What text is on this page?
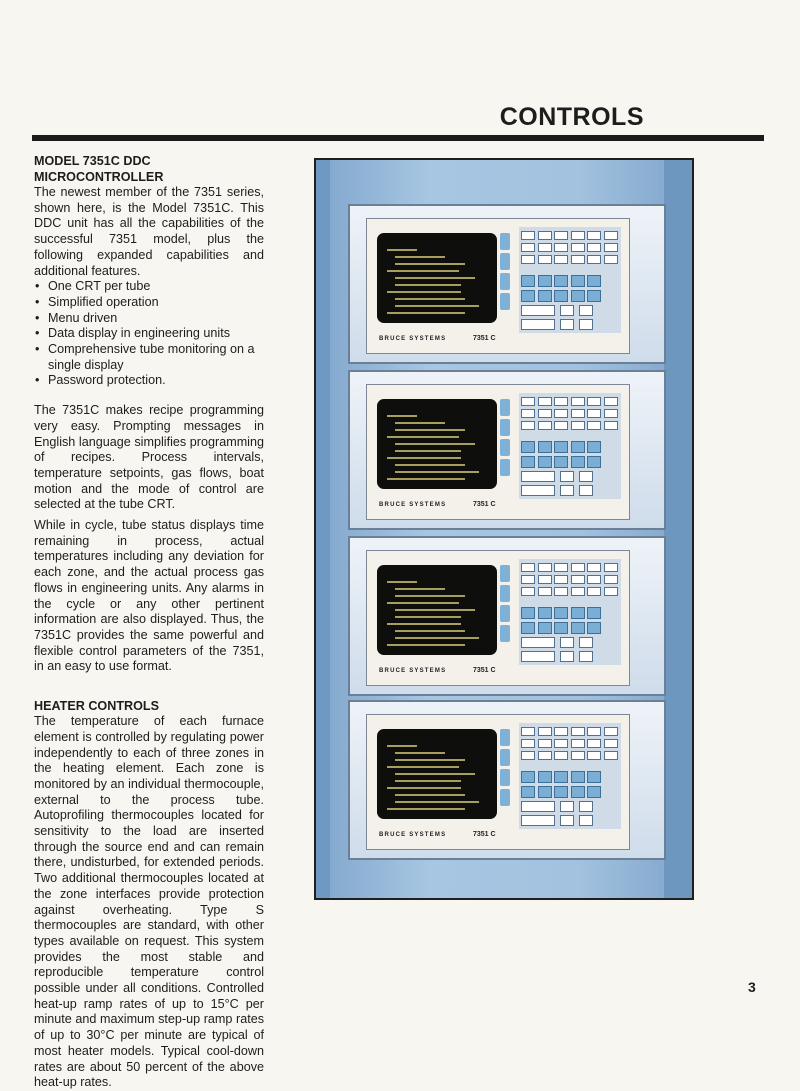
CONTROLS
MODEL 7351C DDC MICROCONTROLLER

The newest member of the 7351 series, shown here, is the Model 7351C. This DDC unit has all the capabilities of the successful 7351 model, plus the following expanded capabilities and additional features.

• One CRT per tube
• Simplified operation
• Menu driven
• Data display in engineering units
• Comprehensive tube monitoring on a single display
• Password protection.

The 7351C makes recipe programming very easy. Prompting messages in English language simplifies programming of recipes. Process intervals, temperature setpoints, gas flows, boat motion and the mode of control are selected at the tube CRT.

While in cycle, tube status displays time remaining in process, actual temperatures including any deviation for each zone, and the actual process gas flows in engineering units. Any alarms in the cycle or any other pertinent information are also displayed. Thus, the 7351C provides the same powerful and flexible control parameters of the 7351, in an easy to use format.

HEATER CONTROLS

The temperature of each furnace element is controlled by regulating power independently to each of three zones in the heating element. Each zone is monitored by an individual thermocouple, external to the process tube. Autoprofiling thermocouples located for sensitivity to the load are inserted through the source end and can remain there, undisturbed, for extended periods. Two additional thermocouples located at the zone interfaces provide protection against overheating. Type S thermocouples are standard, with other types available on request. This system provides the most stable and reproducible temperature control possible under all conditions. Controlled heat-up ramp rates of up to 15°C per minute and maximum step-up ramp rates of up to 30°C per minute are typical of most heater models. Typical cool-down rates are about 50 percent of the above heat-up rates.

BRUCE SYSTEMS	7351 C
BRUCE SYSTEMS	7351 C
BRUCE SYSTEMS	7351 C
BRUCE SYSTEMS	7351 C
3
